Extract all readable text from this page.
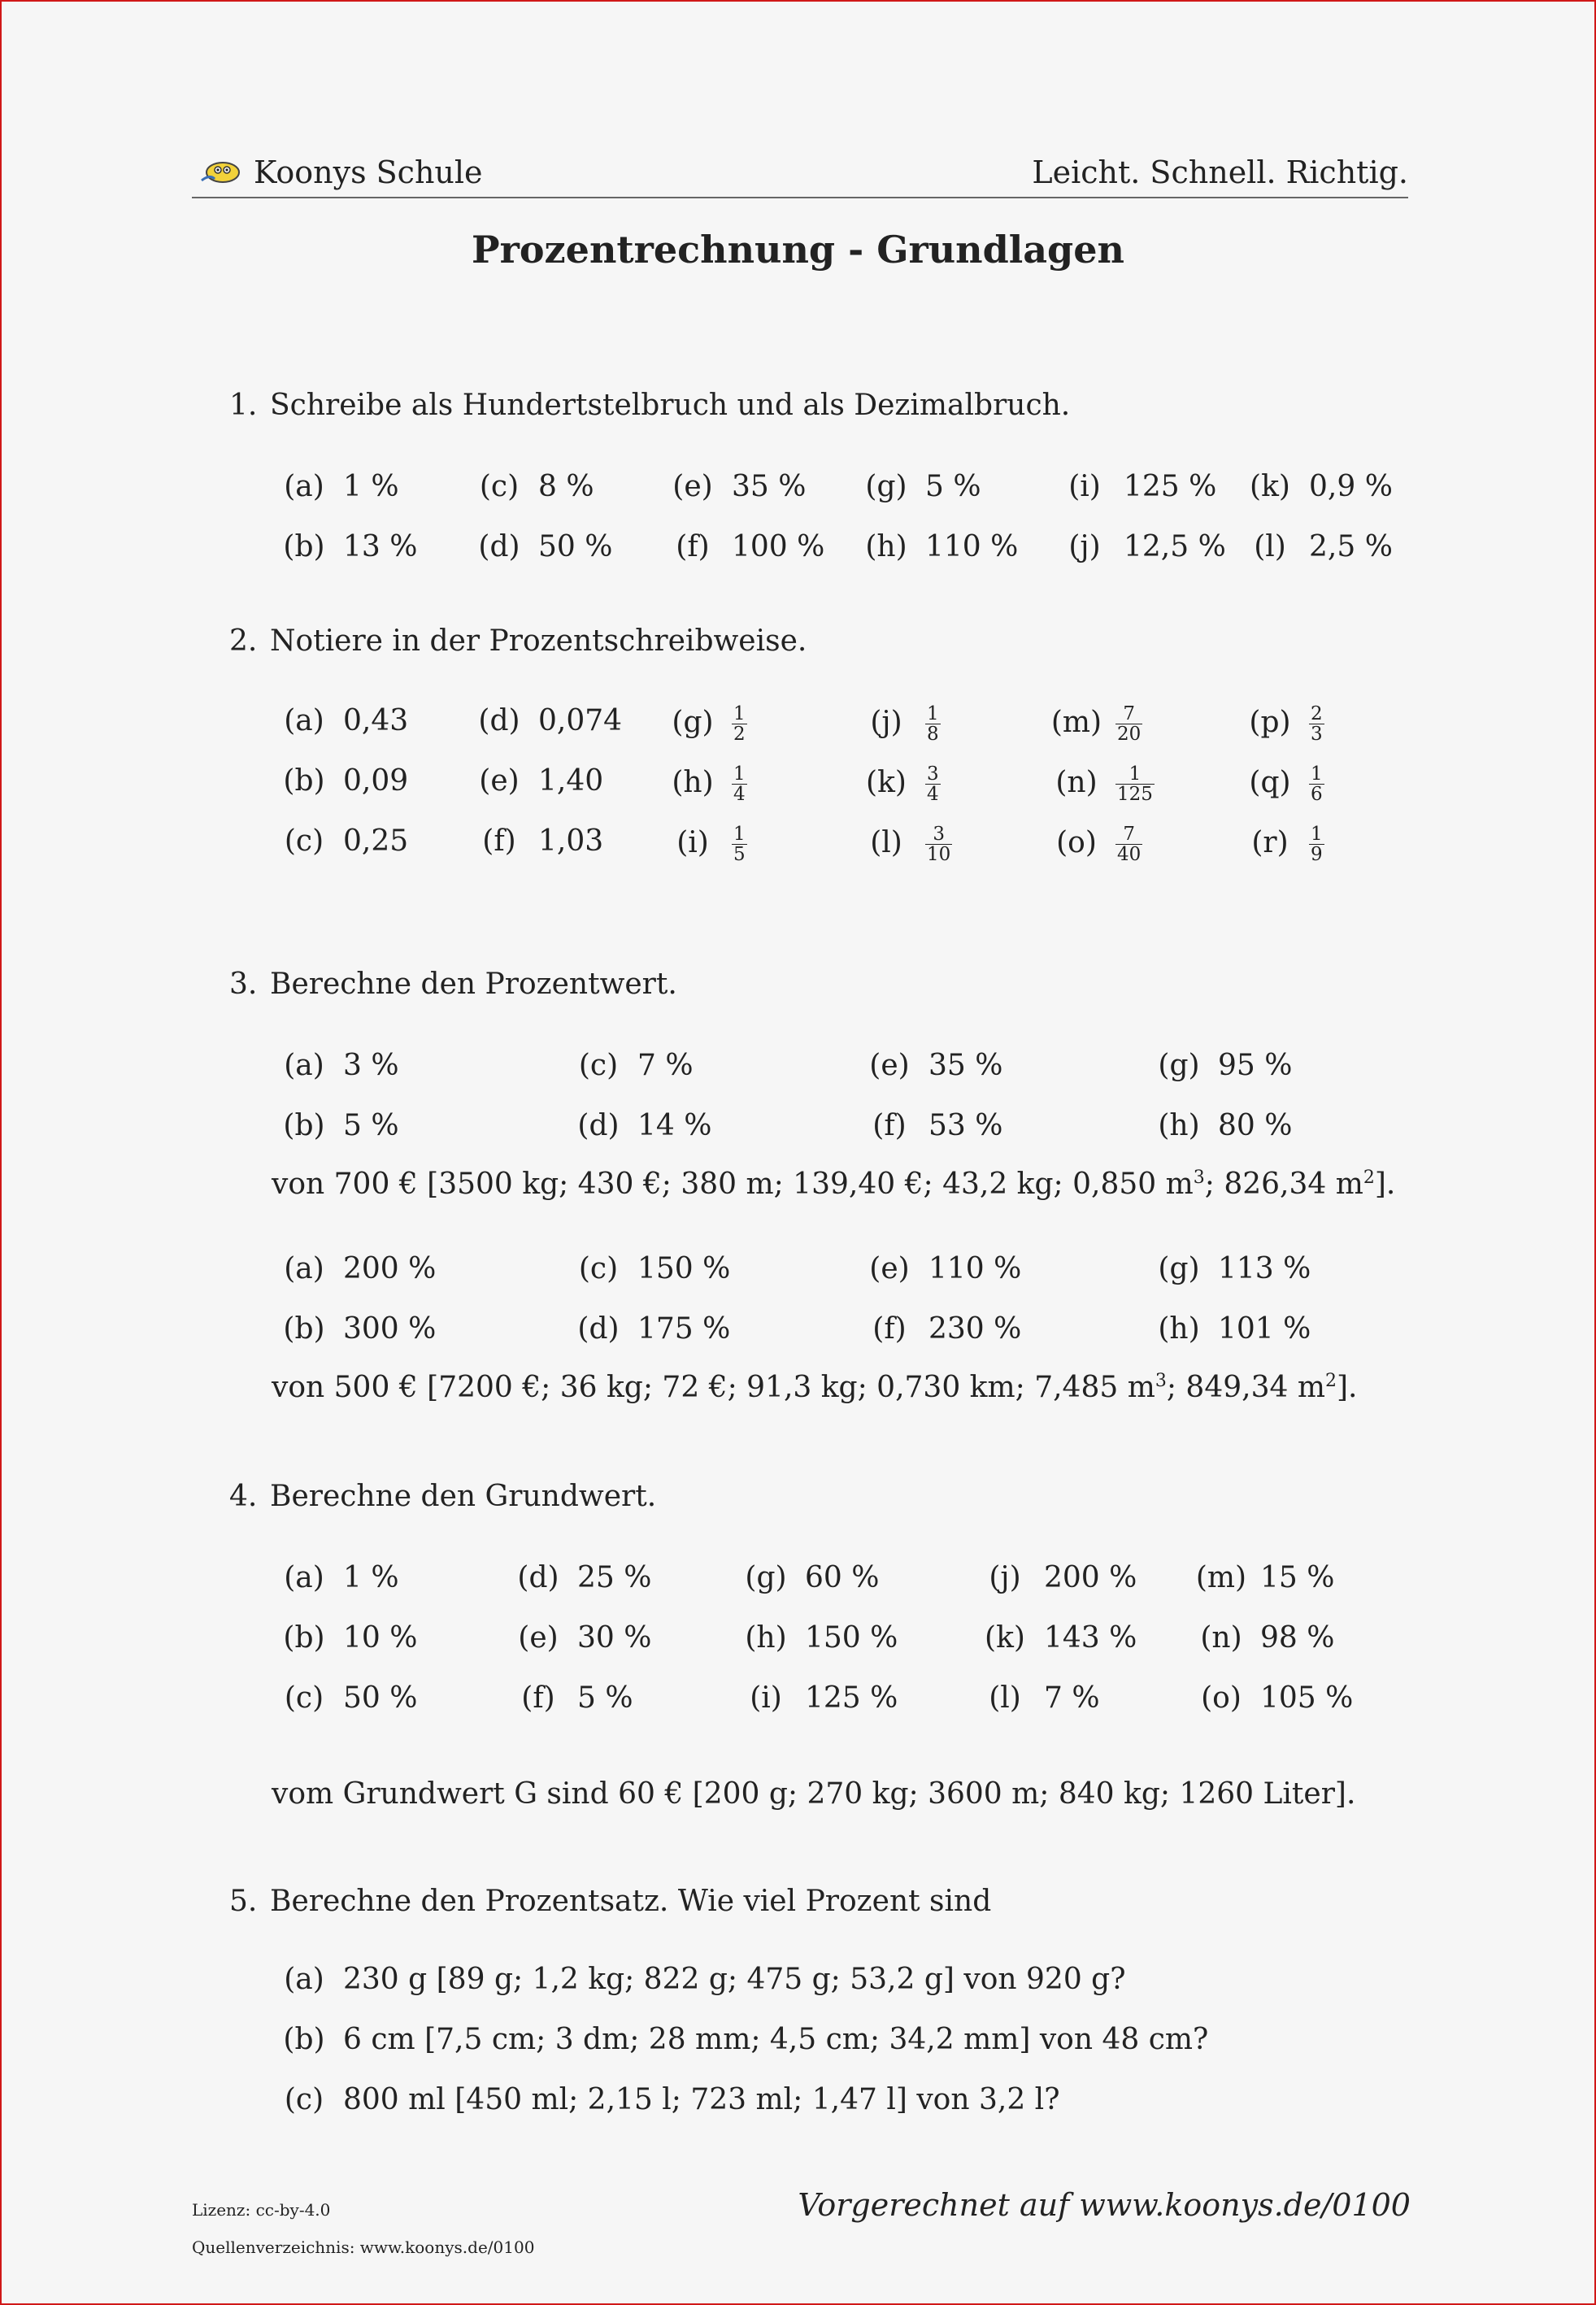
Koonys Schule	Leicht. Schnell. Richtig.
Prozentrechnung - Grundlagen
1. Schreibe als Hundertstelbruch und als Dezimalbruch.
(a) 1 %	(c) 8 %	(e) 35 % (g) 5 %	(i) 125 %	(k) 0,9 %
(b) 13 % (d) 50 %	(f) 100 % (h) 110 %	(j) 12,5 % (l) 2,5 %
2. Notiere in der Prozentschreibweise.
(a) 0,43 (d) 0,074 $(g) \frac{1}{2}$	$(j) \frac{1}{8}$	$(m) \frac{7}{20}$	$(p) \frac{2}{3}$
(b) 0,09	(e) 1,40 $(h) \frac{1}{4}$	$(k) \frac{3}{4}$	$(n) \frac{1}{125}$	$(q) \frac{1}{6}$
(c) 0,25	(f) 1,03	$(i) \frac{1}{5}$	$(l) \frac{3}{10}$	$(o) \frac{7}{40}$	$(r) \frac{1}{9}$
3. Berechne den Prozentwert.
(a) 3 %	(c) 7 %	(e) 35 %	(g) 95 %
(b) 5 %	(d) 14 %	(f) 53 %	(h) 80 %
von 700 € [3500 kg; 430 €; 380 m; 139,40 €; 43,2 kg; 0,850 $m^3$; 826,34 $m^2$].
(a) 200 %	(c) 150 %	(e) 110 %	(g) 113 %
(b) 300 %	(d) 175 %	(f) 230 %	(h) 101 %
von 500 € [7200 €; 36 kg; 72 €; 91,3 kg; 0,730 km; 7,485 $m^3$; 849,34 $m^2$].
4. Berechne den Grundwert.
(a) 1 %	(d) 25 %	(g) 60 %	(j) 200 % (m) 15 %
(b) 10 %	(e) 30 %	(h) 150 %	(k) 143 % (n) 98 %
(c) 50 %	(f) 5 %	(i) 125 %	(l) 7 %	(o) 105 %
vom Grundwert G sind 60 € [200 g; 270 kg; 3600 m; 840 kg; 1260 Liter].
5. Berechne den Prozentsatz. Wie viel Prozent sind
(a) 230 g [89 g; 1,2 kg; 822 g; 475 g; 53,2 g] von 920 g?
(b) 6 cm [7,5 cm; 3 dm; 28 mm; 4,5 cm; 34,2 mm] von 48 cm?
(c) 800 ml [450 ml; 2,15 l; 723 ml; 1,47 l] von 3,2 l?
Lizenz: cc-by-4.0
Quellenverzeichnis: www.koonys.de/0100
Vorgerechnet auf www.koonys.de/0100
